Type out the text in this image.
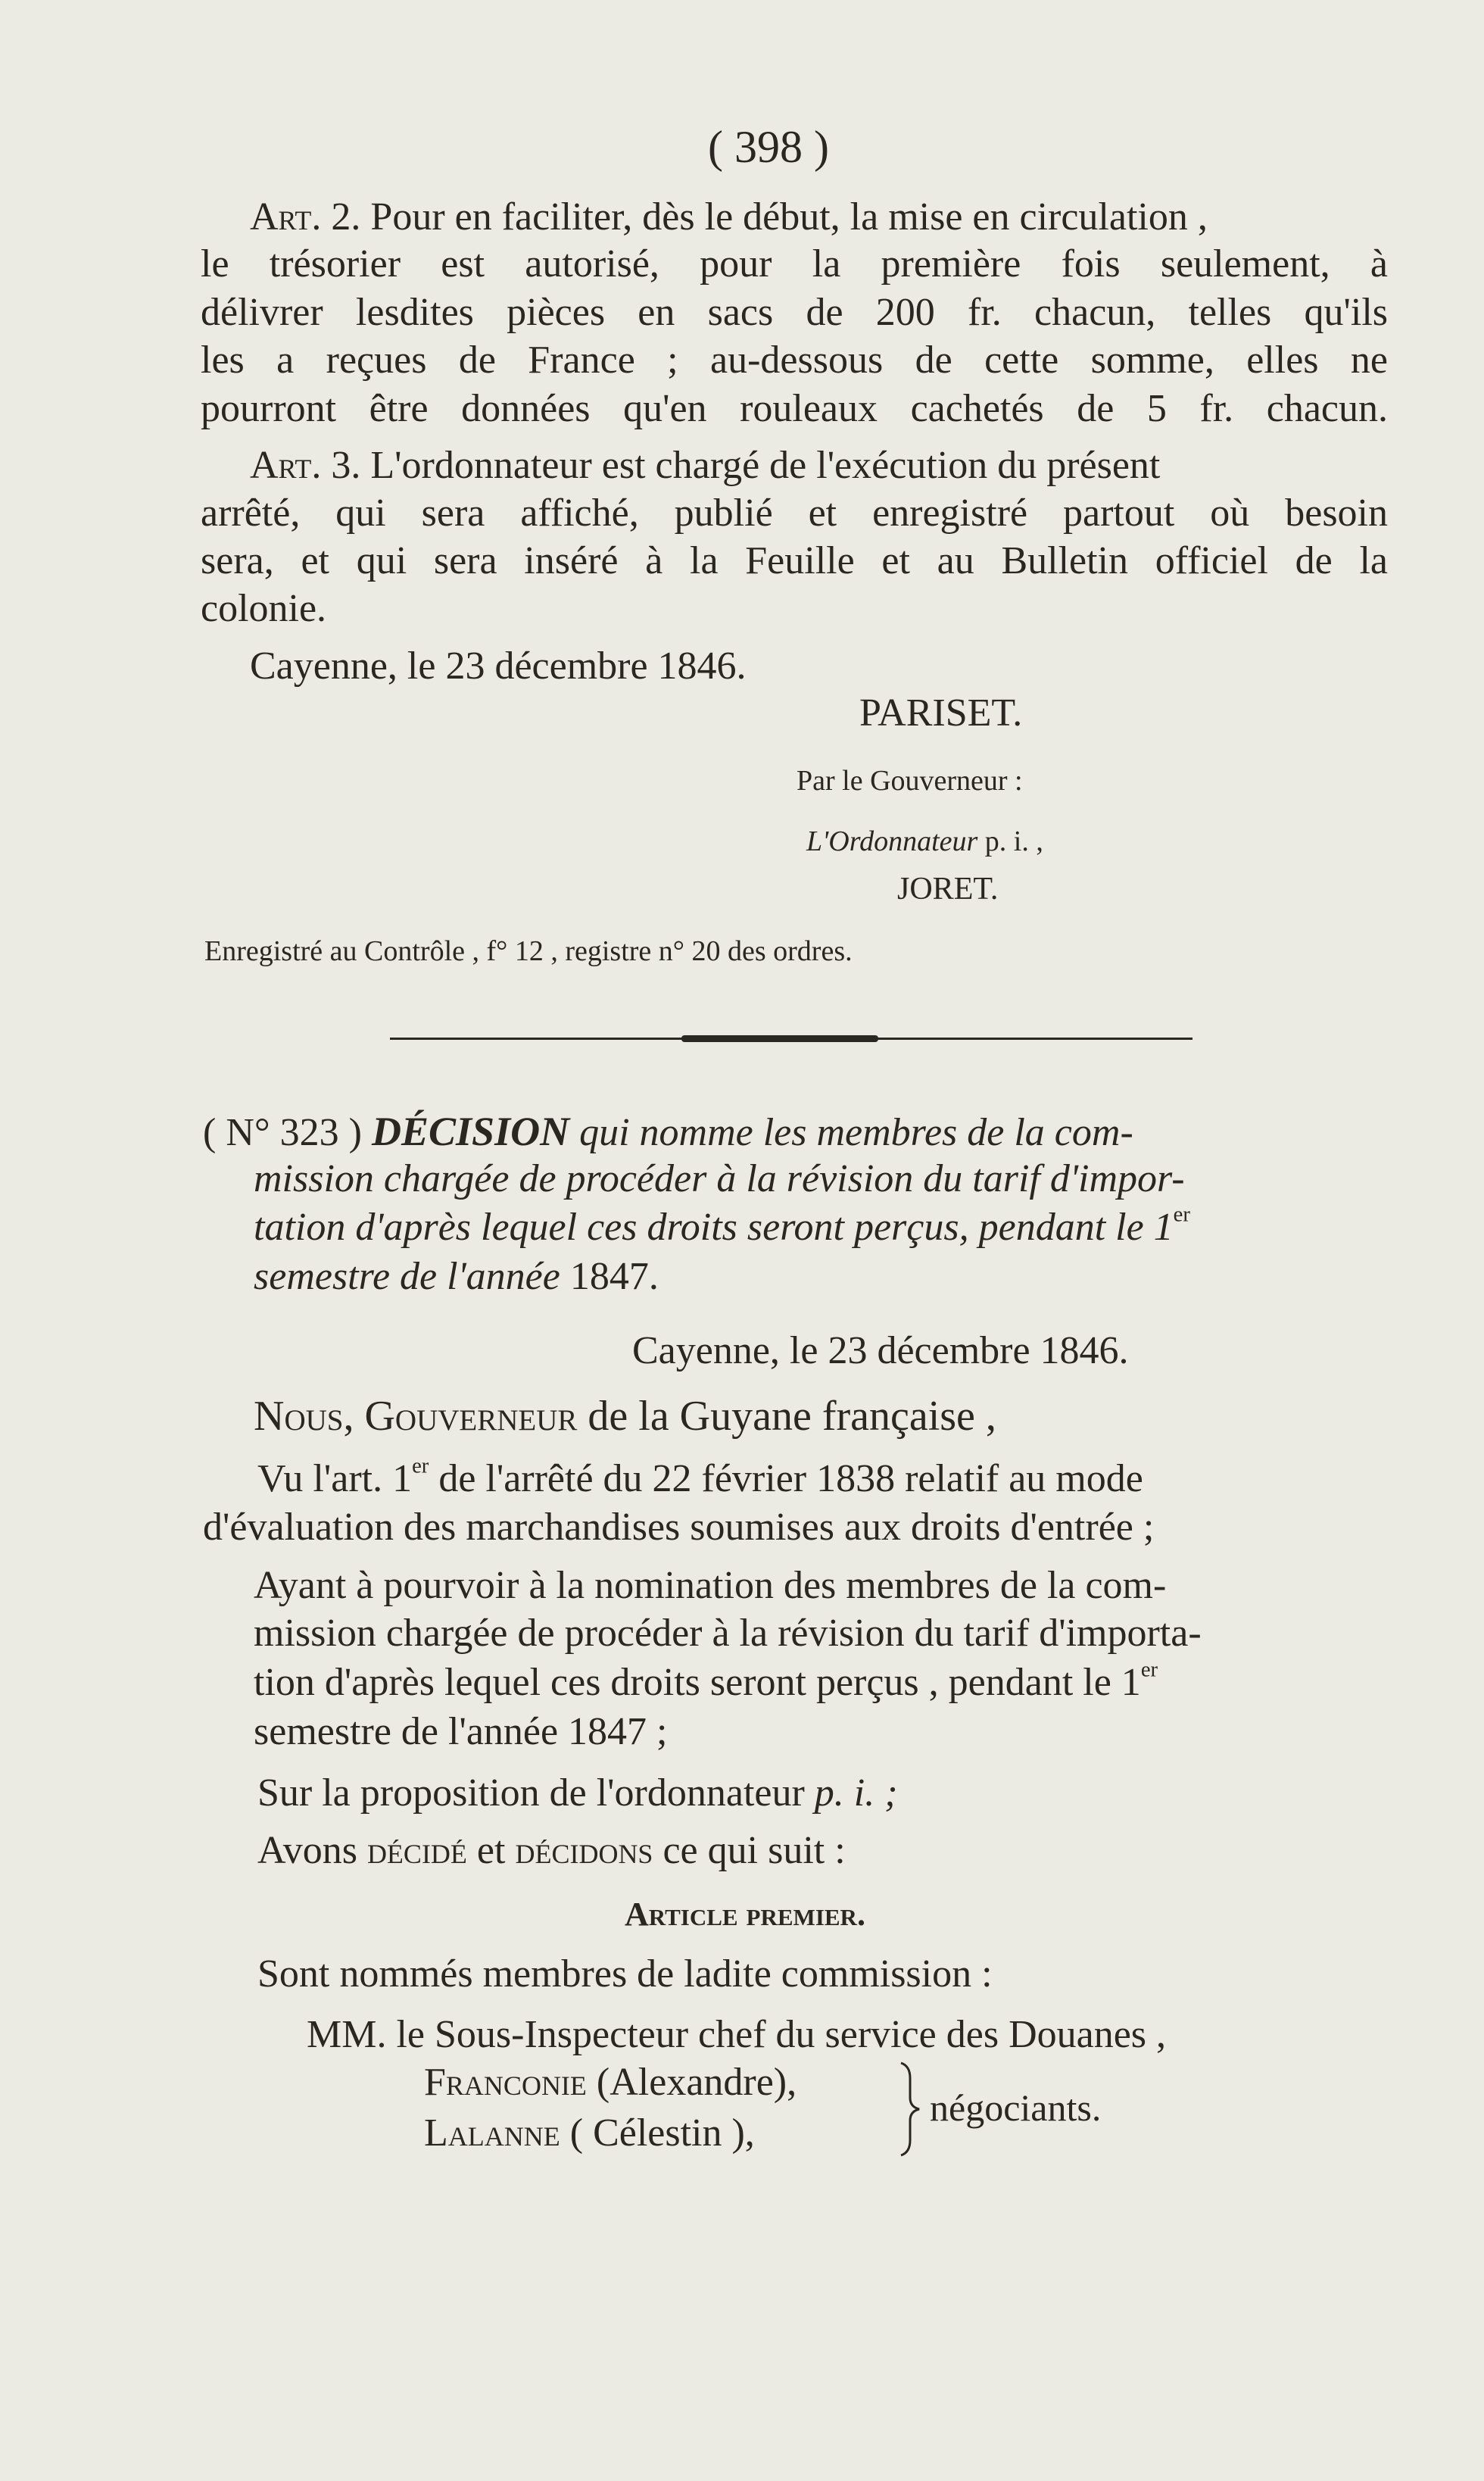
( 398 )
Art. 2. Pour en faciliter, dès le début, la mise en circulation ,
le trésorier est autorisé, pour la première fois seulement, à
délivrer lesdites pièces en sacs de 200 fr. chacun, telles qu'ils
les a reçues de France ; au-dessous de cette somme, elles ne
pourront être données qu'en rouleaux cachetés de 5 fr. chacun.
Art. 3. L'ordonnateur est chargé de l'exécution du présent
arrêté, qui sera affiché, publié et enregistré partout où besoin
sera, et qui sera inséré à la Feuille et au Bulletin officiel de la
colonie.
Cayenne, le 23 décembre 1846.
PARISET.
Par le Gouverneur :
L'Ordonnateur p. i. ,
JORET.
Enregistré au Contrôle , f° 12 , registre n° 20 des ordres.
( N° 323 ) DÉCISION qui nomme les membres de la com-
mission chargée de procéder à la révision du tarif d'impor-
tation d'après lequel ces droits seront perçus, pendant le 1er
semestre de l'année 1847.
Cayenne, le 23 décembre 1846.
Nous, Gouverneur de la Guyane française ,
Vu l'art. 1er de l'arrêté du 22 février 1838 relatif au mode
d'évaluation des marchandises soumises aux droits d'entrée ;
Ayant à pourvoir à la nomination des membres de la com-
mission chargée de procéder à la révision du tarif d'importa-
tion d'après lequel ces droits seront perçus , pendant le 1er
semestre de l'année 1847 ;
Sur la proposition de l'ordonnateur p. i. ;
Avons décidé et décidons ce qui suit :
Article premier.
Sont nommés membres de ladite commission :
MM. le Sous-Inspecteur chef du service des Douanes ,
Franconie (Alexandre),
Lalanne ( Célestin ),
négociants.
